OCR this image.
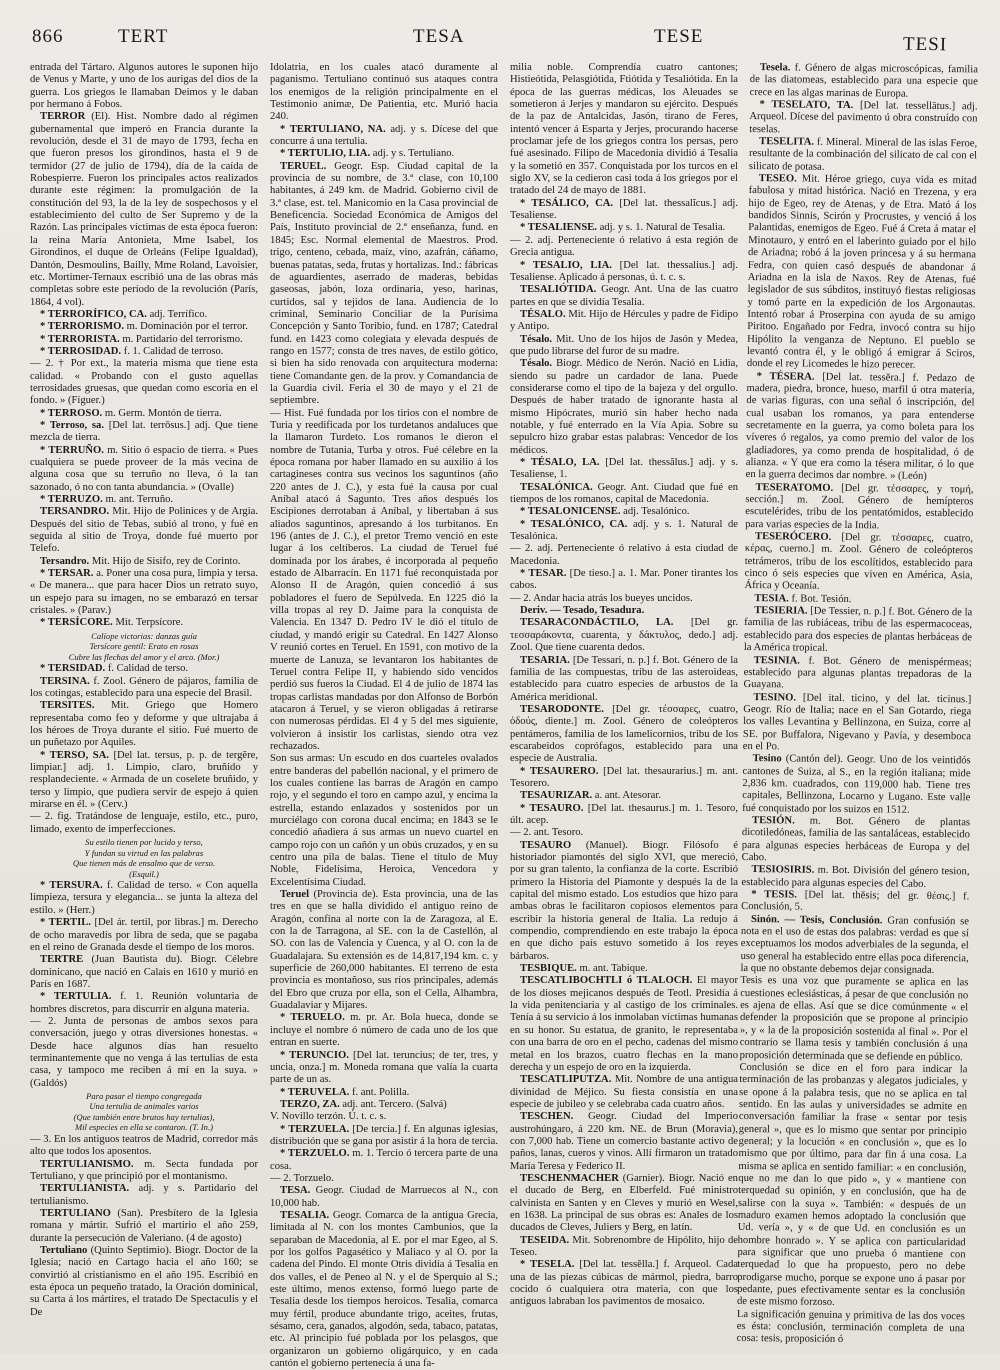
866	TERT	TESA	TESE	TESI

entrada del Tártaro. Algunos autores le suponen hijo de Venus y Marte, y uno de los aurigas del dios de la guerra. Los griegos le llamaban Deimos y le daban por hermano á Fobos.

TERROR (El). Hist. Nombre dado al régimen gubernamental que imperó en Francia durante la revolución, desde el 31 de mayo de 1793, fecha en que fueron presos los girondinos, hasta el 9 de termidor (27 de julio de 1794), día de la caída de Robespierre. Fueron los principales actos realizados durante este régimen: la promulgación de la constitución del 93, la de la ley de sospechosos y el establecimiento del culto de Ser Supremo y de la Razón. Las principales víctimas de esta época fueron: la reina María Antonieta, Mme Isabel, los Girondinos, el duque de Orleáns (Felipe Igualdad), Dantón, Desmoulins, Bailly, Mme Roland, Lavoisier, etc. Mortimer-Ternaux escribió una de las obras más completas sobre este período de la revolución (París, 1864, 4 vol).

* TERRORÍFICO, CA. adj. Terrífico.

* TERRORISMO. m. Dominación por el terror.

* TERRORISTA. m. Partidario del terrorismo.

* TERROSIDAD. f. 1. Calidad de terroso.

— 2. † Por ext., la materia misma que tiene esta calidad. « Probando con el gusto aquellas terrosidades gruesas, que quedan como escoria en el fondo. » (Fíguer.)

* TERROSO. m. Germ. Montón de tierra.

* Terroso, sa. [Del lat. terrōsus.] adj. Que tiene mezcla de tierra.

* TERRUÑO. m. Sitio ó espacio de tierra. « Pues cualquiera se puede proveer de la más vecina de alguna cosa que su terruño no lleva, ó la tan sazonado, ó no con tanta abundancia. » (Ovalle)

* TERRUZO. m. ant. Terruño.

TERSANDRO. Mit. Hijo de Polinices y de Argia. Después del sitio de Tebas, subió al trono, y fué en seguida al sitio de Troya, donde fué muerto por Telefo.

Tersandro. Mit. Hijo de Sisifo, rey de Corinto.

* TERSAR. a. Poner una cosa pura, limpia y tersa. « De manera... que para hacer Dios un retrato suyo, un espejo para su imagen, no se embarazó en tersar cristales. » (Parav.)

* TERSÍCORE. Mit. Terpsícore.

Calíope victorias: danzas guía
Tersícore gentil: Erato en rosas
Cubre las flechas del amor y el arco. (Mor.)

* TERSIDAD. f. Calidad de terso.

TERSINA. f. Zool. Género de pájaros, familia de los cotingas, establecido para una especie del Brasil.

TERSITES. Mit. Griego que Homero representaba como feo y deforme y que ultrajaba á los héroes de Troya durante el sitio. Fué muerto de un puñetazo por Aquiles.

* TERSO, SA. [Del lat. tersus, p. p. de tergĕre, limpiar.] adj. 1. Limpio, claro, bruñido y resplandeciente. « Armada de un coselete bruñido, y terso y limpio, que pudiera servir de espejo á quien mirarse en él. » (Cerv.)

— 2. fig. Tratándose de lenguaje, estilo, etc., puro, limado, exento de imperfecciones.

Su estilo tienen por lucido y terso,
Y fundan su virtud en las palabras
Que tienen más de ensalmo que de verso.
(Esquil.)

* TERSURA. f. Calidad de terso. « Con aquella limpieza, tersura y elegancia... se junta la alteza del estilo. » (Herr.)

* TERTIL. [Del ár. tertil, por libras.] m. Derecho de ocho maravedís por libra de seda, que se pagaba en el reino de Granada desde el tiempo de los moros.

TERTRE (Juan Bautista du). Biogr. Célebre dominicano, que nació en Calais en 1610 y murió en París en 1687.

* TERTULIA. f. 1. Reunión voluntaria de hombres discretos, para discurrir en alguna materia.

— 2. Junta de personas de ambos sexos para conversación, juego y otras diversiones honestas. « Desde hace algunos días han resuelto terminantemente que no venga á las tertulias de esta casa, y tampoco me reciben á mí en la suya. » (Galdós)

Para pasar el tiempo congregada
Una tertulia de animales varios
(Que también entre brutos hay tertulias),
Mil especies en ella se contaron. (T. In.)

— 3. En los antiguos teatros de Madrid, corredor más alto que todos los aposentos.

TERTULIANISMO. m. Secta fundada por Tertuliano, y que principió por el montanismo.

TERTULIANISTA. adj. y s. Partidario del tertulianismo.

TERTULIANO (San). Presbítero de la Iglesia romana y mártir. Sufrió el martirio el año 259, durante la persecución de Valeriano. (4 de agosto)

Tertuliano (Quinto Septimio). Biogr. Doctor de la Iglesia; nació en Cartago hacia el año 160; se convirtió al cristianismo en el año 195. Escribió en esta época un pequeño tratado, la Oración dominical, su Carta á los mártires, el tratado De Spectaculis y el De

Idolatria, en los cuales atacó duramente al paganismo. Tertuliano continuó sus ataques contra los enemigos de la religión principalmente en el Testimonio animæ, De Patientia, etc. Murió hacia 240.

* TERTULIANO, NA. adj. y s. Dícese del que concurre á una tertulia.

* TERTULIO, LIA. adj. y s. Tertuliano.

TERUEL. Geogr. Esp. Ciudad capital de la provincia de su nombre, de 3.ª clase, con 10,100 habitantes, á 249 km. de Madrid. Gobierno civil de 3.ª clase, est. tel. Manicomio en la Casa provincial de Beneficencia. Sociedad Económica de Amigos del País, Instituto provincial de 2.ª enseñanza, fund. en 1845; Esc. Normal elemental de Maestros. Prod. trigo, centeno, cebada, maíz, vino, azafrán, cáñamo, buenas patatas, seda, frutas y hortalizas. Ind.: fábricas de aguardientes, aserrado de maderas, bebidas gaseosas, jabón, loza ordinaria, yeso, harinas, curtidos, sal y tejidos de lana. Audiencia de lo criminal, Seminario Conciliar de la Purísima Concepción y Santo Toribio, fund. en 1787; Catedral fund. en 1423 como colegiata y elevada después de rango en 1577; consta de tres naves, de estilo gótico, si bien ha sido renovada con arquitectura moderna: tiene Comandante gen. de la prov. y Comandancia de la Guardia civil. Feria el 30 de mayo y el 21 de septiembre.

— Hist. Fué fundada por los tirios con el nombre de Turia y reedificada por los turdetanos andaluces que la llamaron Turdeto. Los romanos le dieron el nombre de Tutania, Turba y otros. Fué célebre en la época romana por haber llamado en su auxilio á los cartagineses contra sus vecinos los saguntinos (año 220 antes de J. C.), y esta fué la causa por cual Aníbal atacó á Sagunto. Tres años después los Escipiones derrotaban á Aníbal, y libertaban á sus aliados saguntinos, apresando á los turbitanos. En 196 (antes de J. C.), el pretor Tremo venció en este lugar á los celtíberos. La ciudad de Teruel fué dominada por los árabes, é incorporada al pequeño estado de Albarracín. En 1171 fué reconquistada por Alonso II de Aragón, quien concedió á sus pobladores el fuero de Sepúlveda. En 1225 dió la villa tropas al rey D. Jaime para la conquista de Valencia. En 1347 D. Pedro IV le dió el título de ciudad, y mandó erigir su Catedral. En 1427 Alonso V reunió cortes en Teruel. En 1591, con motivo de la muerte de Lanuza, se levantaron los habitantes de Teruel contra Felipe II, y habiendo sido vencidos perdió sus fueros la Ciudad. El 4 de julio de 1874 las tropas carlistas mandadas por don Alfonso de Borbón atacaron á Teruel, y se vieron obligadas á retirarse con numerosas pérdidas. El 4 y 5 del mes siguiente, volvieron á insistir los carlistas, siendo otra vez rechazados.

Son sus armas: Un escudo en dos cuarteles ovalados entre banderas del pabellón nacional, y el primero de los cuales contiene las barras de Aragón en campo rojo, y el segundo el toro en campo azul, y encima la estrella, estando enlazados y sostenidos por un murciélago con corona ducal encima; en 1843 se le concedió añadiera á sus armas un nuevo cuartel en campo rojo con un cañón y un obús cruzados, y en su centro una pila de balas. Tiene el título de Muy Noble, Fidelísima, Heroica, Vencedora y Excelentísima Ciudad.

Teruel (Provincia de). Esta provincia, una de las tres en que se halla dividido el antiguo reino de Aragón, confina al norte con la de Zaragoza, al E. con la de Tarragona, al SE. con la de Castellón, al SO. con las de Valencia y Cuenca, y al O. con la de Guadalajara. Su extensión es de 14,817,194 km. c. y superficie de 260,000 habitantes. El terreno de esta provincia es montañoso, sus ríos principales, además del Ebro que cruza por ella, son el Cella, Alhambra, Guadalaviar y Mijares.

* TERUELO. m. pr. Ar. Bola hueca, donde se incluye el nombre ó número de cada uno de los que entran en suerte.

* TERUNCIO. [Del lat. teruncius; de ter, tres, y uncia, onza.] m. Moneda romana que valía la cuarta parte de un as.

* TERUVELA. f. ant. Polilla.

TERZO, ZA. adj. ant. Tercero. (Salvá)

V. Novillo terzón. Ú. t. c. s.

* TERZUELA. [De tercia.] f. En algunas iglesias, distribución que se gana por asistir á la hora de tercia.

* TERZUELO. m. 1. Tercio ó tercera parte de una cosa.

— 2. Torzuelo.

TESA. Geogr. Ciudad de Marruecos al N., con 10,000 hab.

TESALIA. Geogr. Comarca de la antigua Grecia, limitada al N. con los montes Cambunios, que la separaban de Macedonia, al E. por el mar Egeo, al S. por los golfos Pagasético y Maliaco y al O. por la cadena del Pindo. El monte Otris dividía á Tesalia en dos valles, el de Peneo al N. y el de Sperquio al S.; este último, menos extenso, formó luego parte de Tesalia desde los tiempos heroicos. Tesalia, comarca muy fértil, produce abundante trigo, aceites, frutas, sésamo, cera, ganados, algodón, seda, tabaco, patatas, etc. Al principio fué poblada por los pelasgos, que organizaron un gobierno oligárquico, y en cada cantón el gobierno pertenecía á una fa-

milia noble. Comprendía cuatro cantones; Histieótida, Pelasgiótida, Ftiótida y Tesaliótida. En la época de las guerras médicas, los Aleuades se sometieron á Jerjes y mandaron su ejército. Después de la paz de Antalcidas, Jasón, tirano de Feres, intentó vencer á Esparta y Jerjes, procurando hacerse proclamar jefe de los griegos contra los persas, pero fué asesinado. Filipo de Macedonia dividió á Tesalia y la sometió en 357. Conquistada por los turcos en el siglo XV, se la cedieron casi toda á los griegos por el tratado del 24 de mayo de 1881.

* TESÁLICO, CA. [Del lat. thessalĭcus.] adj. Tesaliense.

* TESALIENSE. adj. y s. 1. Natural de Tesalia.

— 2. adj. Perteneciente ó relativo á esta región de Grecia antigua.

* TESALIO, LIA. [Del lat. thessalius.] adj. Tesaliense. Aplicado á personas, ú. t. c. s.

TESALIÓTIDA. Geogr. Ant. Una de las cuatro partes en que se dividía Tesalia.

TÉSALO. Mit. Hijo de Hércules y padre de Fidipo y Antipo.

Tésalo. Mit. Uno de los hijos de Jasón y Medea, que pudo librarse del furor de su madre.

Tésalo. Biogr. Médico de Nerón. Nació en Lidia, siendo su padre un cardador de lana. Puede considerarse como el tipo de la bajeza y del orgullo. Después de haber tratado de ignorante hasta al mismo Hipócrates, murió sin haber hecho nada notable, y fué enterrado en la Vía Apia. Sobre su sepulcro hizo grabar estas palabras: Vencedor de los médicos.

* TÉSALO, LA. [Del lat. thessălus.] adj. y s. Tesaliense, 1.

TESALÓNICA. Geogr. Ant. Ciudad que fué en tiempos de los romanos, capital de Macedonia.

* TESALONICENSE. adj. Tesalónico.

* TESALÓNICO, CA. adj. y s. 1. Natural de Tesalónica.

— 2. adj. Perteneciente ó relativo á esta ciudad de Macedonia.

* TESAR. [De tieso.] a. 1. Mar. Poner tirantes los cabos.

— 2. Andar hacia atrás los bueyes uncidos.

Deriv. — Tesado, Tesadura.

TESARACONDÁCTILO, LA. [Del gr. τεσσαράκοντα, cuarenta, y δάκτυλος, dedo.] adj. Zool. Que tiene cuarenta dedos.

TESARIA. [De Tessari, n. p.] f. Bot. Género de la familia de las compuestas, tribu de las asteroideas, establecido para cuatro especies de arbustos de la América meridional.

TESARODONTE. [Del gr. τέσσαρες, cuatro, ὀδούς, diente.] m. Zool. Género de coleópteros pentámeros, familia de los lamelicornios, tribu de los escarabeidos coprófagos, establecido para una especie de Australia.

* TESAURERO. [Del lat. thesaurarius.] m. ant. Tesorero.

TESAURIZAR. a. ant. Atesorar.

* TESAURO. [Del lat. thesaurus.] m. 1. Tesoro, últ. acep.

— 2. ant. Tesoro.

TESAURO (Manuel). Biogr. Filósofo é historiador piamontés del siglo XVI, que mereció, por su gran talento, la confianza de la corte. Escribió primero la Historia del Piamonte y después la de la capital del mismo estado. Los estudios que hizo para ambas obras le facilitaron copiosos elementos para escribir la historia general de Italia. La redujo á compendio, comprendiendo en este trabajo la época en que dicho país estuvo sometido á los reyes bárbaros.

TESBIQUE. m. ant. Tabique.

TESCATLIBOCHTLI ó TLALOCH. El mayor de los dioses mejicanos después de Teotl. Presidía á la vida penitenciaria y al castigo de los criminales. Tenía á su servicio á los inmolaban víctimas humanas en su honor. Su estatua, de granito, le representaba con una barra de oro en el pecho, cadenas del mismo metal en los brazos, cuatro flechas en la mano derecha y un espejo de oro en la izquierda.

TESCATLIPUTZA. Mit. Nombre de una antigua divinidad de Méjico. Su fiesta consistía en una especie de jubileo y se celebraba cada cuatro años.

TESCHEN. Geogr. Ciudad del Imperio austrohúngaro, á 220 km. NE. de Brun (Moravia), con 7,000 hab. Tiene un comercio bastante activo de paños, lanas, cueros y vinos. Allí firmaron un tratado María Teresa y Federico II.

TESCHENMACHER (Garnier). Biogr. Nació en el ducado de Berg, en Elberfeld. Fué ministro calvinista en Santen y en Cleves y murió en Wesel, en 1638. La principal de sus obras es: Anales de los ducados de Cleves, Juliers y Berg, en latín.

TESEIDA. Mit. Sobrenombre de Hipólito, hijo de Teseo.

* TESELA. [Del lat. tessĕlla.] f. Arqueol. Cada una de las piezas cúbicas de mármol, piedra, barro cocido ó cualquiera otra materia, con que los antiguos labraban los pavimentos de mosaico.

Tesela. f. Género de algas microscópicas, familia de las diatomeas, establecido para una especie que crece en las algas marinas de Europa.

* TESELATO, TA. [Del lat. tessellātus.] adj. Arqueol. Dícese del pavimento ú obra construído con teselas.

TESELITA. f. Mineral. Mineral de las islas Feroe, resultante de la combinación del silicato de cal con el silicato de potasa.

TESEO. Mit. Héroe griego, cuya vida es mitad fabulosa y mitad histórica. Nació en Trezena, y era hijo de Egeo, rey de Atenas, y de Etra. Mató á los bandidos Sinnis, Scirón y Procrustes, y venció á los Palantidas, enemigos de Egeo. Fué á Creta á matar el Minotauro, y entró en el laberinto guiado por el hilo de Ariadna; robó á la joven princesa y á su hermana Fedra, con quien casó después de abandonar á Ariadna en la isla de Naxos. Rey de Atenas, fué legislador de sus súbditos, instituyó fiestas religiosas y tomó parte en la expedición de los Argonautas. Intentó robar á Proserpina con ayuda de su amigo Piritoo. Engañado por Fedra, invocó contra su hijo Hipólito la venganza de Neptuno. El pueblo se levantó contra él, y le obligó á emigrar á Sciros, donde el rey Licomedes le hizo perecer.

* TÉSERA. [Del lat. tessĕra.] f. Pedazo de madera, piedra, bronce, hueso, marfil ú otra materia, de varias figuras, con una señal ó inscripción, del cual usaban los romanos, ya para entenderse secretamente en la guerra, ya como boleta para los víveres ó regalos, ya como premio del valor de los gladiadores, ya como prenda de hospitalidad, ó de alianza. « Y que era como la tésera militar, ó lo que en la guerra decimos dar nombre. » (León)

TESERATOMO. [Del gr. τέσσαρες, y τομή, sección.] m. Zool. Género de hemípteros escutelérides, tribu de los pentatómidos, establecido para varias especies de la India.

TESERÓCERO. [Del gr. τέσσαρες, cuatro, κέρας, cuerno.] m. Zool. Género de coleópteros tetrámeros, tribu de los escolítidos, establecido para cinco ó seis especies que viven en América, Asia, África y Oceanía.

TESIA. f. Bot. Tesión.

TESIERIA. [De Tessier, n. p.] f. Bot. Género de la familia de las rubiáceas, tribu de las espermacoceas, establecido para dos especies de plantas herbáceas de la América tropical.

TESINIA. f. Bot. Género de menispérmeas; establecido para algunas plantas trepadoras de la Guayana.

TESINO. [Del ital. ticino, y del lat. ticinus.] Geogr. Río de Italia; nace en el San Gotardo, riega los valles Levantina y Bellinzona, en Suiza, corre al SE. por Buffalora, Nigevano y Pavía, y desemboca en el Po.

Tesino (Cantón del). Geogr. Uno de los veintidós cantones de Suiza, al S., en la región italiana; mide 2,836 km. cuadrados, con 119,000 hab. Tiene tres capitales, Bellinzona, Locarno y Lugano. Este valle fué conquistado por los suizos en 1512.

TESIÓN. m. Bot. Género de plantas dicotiledóneas, familia de las santaláceas, establecido para algunas especies herbáceas de Europa y del Cabo.

TESIOSIRIS. m. Bot. División del género tesion, establecido para algunas especies del Cabo.

* TESIS. [Del lat. thĕsis; del gr. θέσις.] f. Conclusión, 5.

Sinón. — Tesis, Conclusión. Gran confusión se nota en el uso de estas dos palabras: verdad es que sí exceptuamos los modos adverbiales de la segunda, el uso general ha establecido entre ellas poca diferencia, la que no obstante debemos dejar consignada.

Tesis es una voz que puramente se aplica en las cuestiones eclesiásticas, á pesar de que conclusión no es ajena de ellas. Así que se dice comúnmente « el defender la proposición que se propone al principio », y « la de la proposición sostenida al final ». Por el contrario se llama tesis y también conclusión á una proposición determinada que se defiende en público.

Conclusión se dice en el foro para indicar la terminación de las probanzas y alegatos judiciales, y se opone á la palabra tesis, que no se aplica en tal sentido. En las aulas y universidades se admite en conversación familiar la frase « sentar por tesis general », que es lo mismo que sentar por principio general; y la locución « en conclusión », que es lo mismo que por último, para dar fin á una cosa. La misma se aplica en sentido familiar: « en conclusión, que no me dan lo que pido », y « mantiene con terquedad su opinión, y en conclusión, que ha de salirse con la suya ». También: « después de un maduro examen hemos adoptado la conclusión que Ud. vería », y « de que Ud. en conclusión es un hombre honrado ». Y se aplica con particularidad para significar que uno prueba ó mantiene con terquedad lo que ha propuesto, pero no debe prodigarse mucho, porque se expone uno á pasar por pedante, pues efectivamente sentar es la conclusión de este mismo forzoso.

La significación genuina y primitiva de las dos voces es ésta: conclusión, terminación completa de una cosa: tesis, proposición ó
